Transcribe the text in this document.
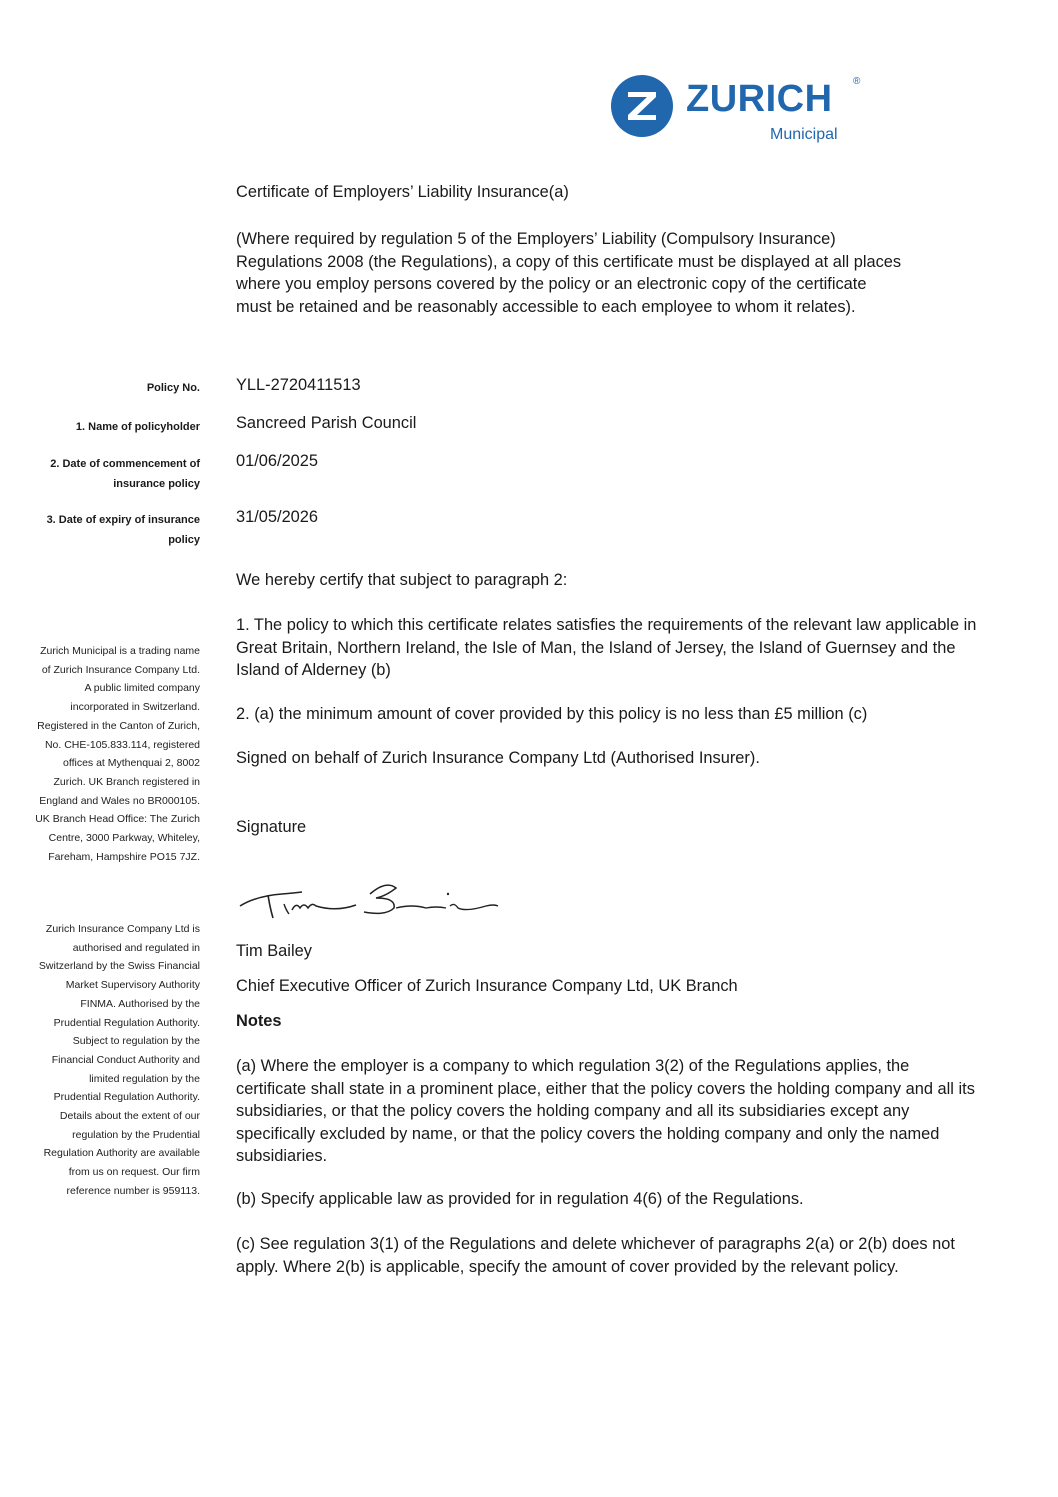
ZURICH ®
Municipal
Certificate of Employers’ Liability Insurance(a)
(Where required by regulation 5 of the Employers’ Liability (Compulsory Insurance) Regulations 2008 (the Regulations), a copy of this certificate must be displayed at all places where you employ persons covered by the policy or an electronic copy of the certificate must be retained and be reasonably accessible to each employee to whom it relates).
Policy No. YLL-2720411513
1. Name of policyholder Sancreed Parish Council
2. Date of commencement of
insurance policy
01/06/2025
3. Date of expiry of insurance
policy
31/05/2026
We hereby certify that subject to paragraph 2:
1. The policy to which this certificate relates satisfies the requirements of the relevant law applicable in Great Britain, Northern Ireland, the Isle of Man, the Island of Jersey, the Island of Guernsey and the Island of Alderney (b)
2. (a) the minimum amount of cover provided by this policy is no less than £5 million (c)
Signed on behalf of Zurich Insurance Company Ltd (Authorised Insurer).
Signature
Tim Bailey
Chief Executive Officer of Zurich Insurance Company Ltd, UK Branch
Notes
(a) Where the employer is a company to which regulation 3(2) of the Regulations applies, the certificate shall state in a prominent place, either that the policy covers the holding company and all its subsidiaries, or that the policy covers the holding company and all its subsidiaries except any specifically excluded by name, or that the policy covers the holding company and only the named subsidiaries.
(b) Specify applicable law as provided for in regulation 4(6) of the Regulations.
(c) See regulation 3(1) of the Regulations and delete whichever of paragraphs 2(a) or 2(b) does not apply. Where 2(b) is applicable, specify the amount of cover provided by the relevant policy.
Zurich Municipal is a trading name
of Zurich Insurance Company Ltd.
A public limited company
incorporated in Switzerland.
Registered in the Canton of Zurich,
No. CHE-105.833.114, registered
offices at Mythenquai 2, 8002
Zurich. UK Branch registered in
England and Wales no BR000105.
UK Branch Head Office: The Zurich
Centre, 3000 Parkway, Whiteley,
Fareham, Hampshire PO15 7JZ.
Zurich Insurance Company Ltd is
authorised and regulated in
Switzerland by the Swiss Financial
Market Supervisory Authority
FINMA. Authorised by the
Prudential Regulation Authority.
Subject to regulation by the
Financial Conduct Authority and
limited regulation by the
Prudential Regulation Authority.
Details about the extent of our
regulation by the Prudential
Regulation Authority are available
from us on request. Our firm
reference number is 959113.
